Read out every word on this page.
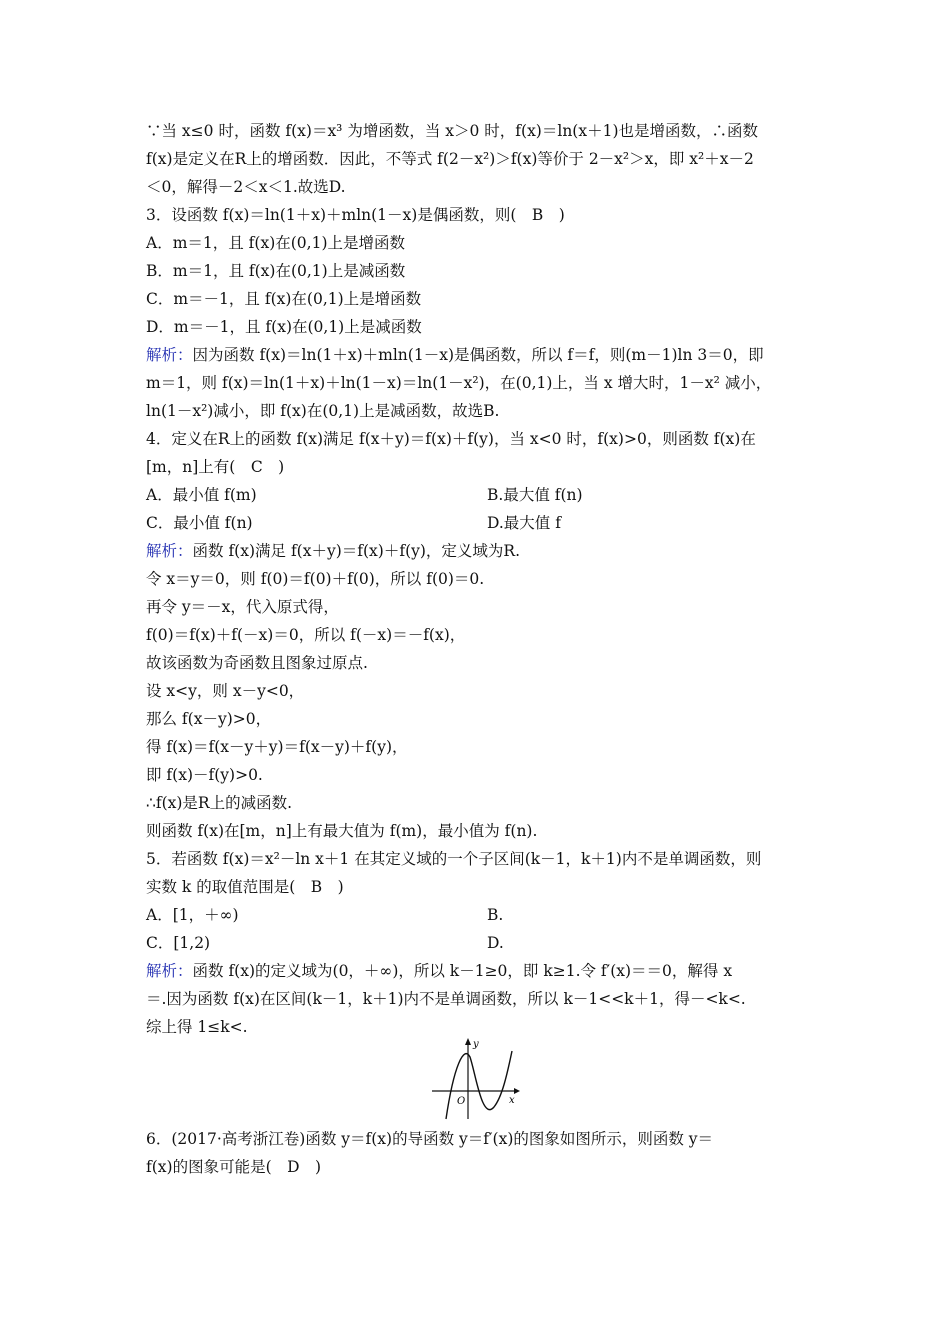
∵当 x≤0 时，函数 f(x)＝x³ 为增函数，当 x＞0 时，f(x)＝ln(x＋1)也是增函数，∴函数
f(x)是定义在R上的增函数．因此，不等式 f(2－x²)＞f(x)等价于 2－x²＞x，即 x²＋x－2
＜0，解得－2＜x＜1.故选D.
3．设函数 f(x)＝ln(1＋x)＋mln(1－x)是偶函数，则(　B　)
A．m＝1，且 f(x)在(0,1)上是增函数
B．m＝1，且 f(x)在(0,1)上是减函数
C．m＝－1，且 f(x)在(0,1)上是增函数
D．m＝－1，且 f(x)在(0,1)上是减函数
解析：因为函数 f(x)＝ln(1＋x)＋mln(1－x)是偶函数，所以 f＝f，则(m－1)ln 3＝0，即
m＝1，则 f(x)＝ln(1＋x)＋ln(1－x)＝ln(1－x²)，在(0,1)上，当 x 增大时，1－x² 减小，
ln(1－x²)减小，即 f(x)在(0,1)上是减函数，故选B.
4．定义在R上的函数 f(x)满足 f(x＋y)＝f(x)＋f(y)，当 x<0 时，f(x)>0，则函数 f(x)在
[m，n]上有(　C　)
A．最小值 f(m)	B.最大值 f(n)
C．最小值 f(n)	D.最大值 f
解析：函数 f(x)满足 f(x＋y)＝f(x)＋f(y)，定义域为R.
令 x＝y＝0，则 f(0)＝f(0)＋f(0)，所以 f(0)＝0.
再令 y＝－x，代入原式得，
f(0)＝f(x)＋f(－x)＝0，所以 f(－x)＝－f(x)，
故该函数为奇函数且图象过原点.
设 x<y，则 x－y<0，
那么 f(x－y)>0，
得 f(x)＝f(x－y＋y)＝f(x－y)＋f(y)，
即 f(x)－f(y)>0.
∴f(x)是R上的减函数.
则函数 f(x)在[m，n]上有最大值为 f(m)，最小值为 f(n).
5．若函数 f(x)＝x²－ln x＋1 在其定义域的一个子区间(k－1，k＋1)内不是单调函数，则
实数 k 的取值范围是(　B　)
A．[1，＋∞)	B.
C．[1,2)	D.
解析：函数 f(x)的定义域为(0，＋∞)，所以 k－1≥0，即 k≥1.令 f′(x)＝＝0，解得 x
＝.因为函数 f(x)在区间(k－1，k＋1)内不是单调函数，所以 k－1<<k＋1，得－<k<.
综上得 1≤k<.
y
x
O
6．(2017·高考浙江卷)函数 y＝f(x)的导函数 y＝f′(x)的图象如图所示，则函数 y＝
f(x)的图象可能是(　D　)
